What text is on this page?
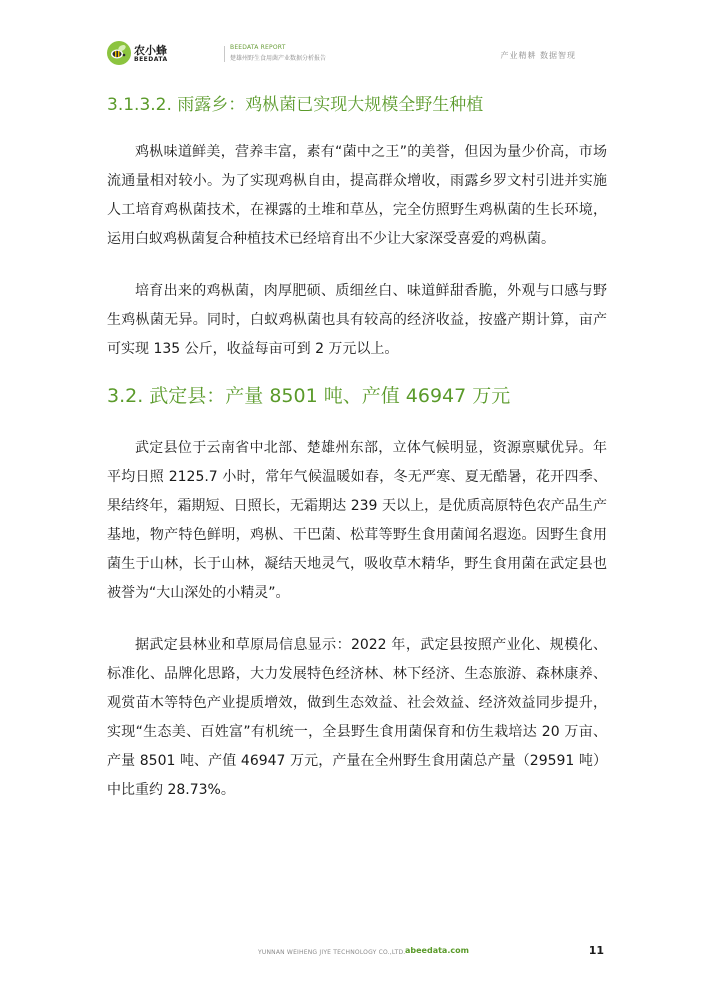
农小蜂
BEEDATA
BEEDATA REPORT
楚雄州野生食用菌产业数据分析报告	产业精耕 数据智现
3.1.3.2. 雨露乡：鸡枞菌已实现大规模全野生种植

鸡枞味道鲜美，营养丰富，素有“菌中之王”的美誉，但因为量少价高，市场流通量相对较小。为了实现鸡枞自由，提高群众增收，雨露乡罗文村引进并实施人工培育鸡枞菌技术，在裸露的土堆和草丛，完全仿照野生鸡枞菌的生长环境，运用白蚁鸡枞菌复合种植技术已经培育出不少让大家深受喜爱的鸡枞菌。

培育出来的鸡枞菌，肉厚肥硕、质细丝白、味道鲜甜香脆，外观与口感与野生鸡枞菌无异。同时，白蚁鸡枞菌也具有较高的经济收益，按盛产期计算，亩产可实现 135 公斤，收益每亩可到 2 万元以上。

3.2. 武定县：产量 8501 吨、产值 46947 万元

武定县位于云南省中北部、楚雄州东部，立体气候明显，资源禀赋优异。年平均日照 2125.7 小时，常年气候温暖如春，冬无严寒、夏无酷暑，花开四季、果结终年，霜期短、日照长，无霜期达 239 天以上，是优质高原特色农产品生产基地，物产特色鲜明，鸡枞、干巴菌、松茸等野生食用菌闻名遐迩。因野生食用菌生于山林，长于山林，凝结天地灵气，吸收草木精华，野生食用菌在武定县也被誉为“大山深处的小精灵”。

据武定县林业和草原局信息显示：2022 年，武定县按照产业化、规模化、标准化、品牌化思路，大力发展特色经济林、林下经济、生态旅游、森林康养、观赏苗木等特色产业提质增效，做到生态效益、社会效益、经济效益同步提升，实现“生态美、百姓富”有机统一，全县野生食用菌保育和仿生栽培达 20 万亩、产量 8501 吨、产值 46947 万元，产量在全州野生食用菌总产量（29591 吨）中比重约 28.73%。

YUNNAN WEIHENG JIYE TECHNOLOGY CO.,LTD. abeedata.com	11
